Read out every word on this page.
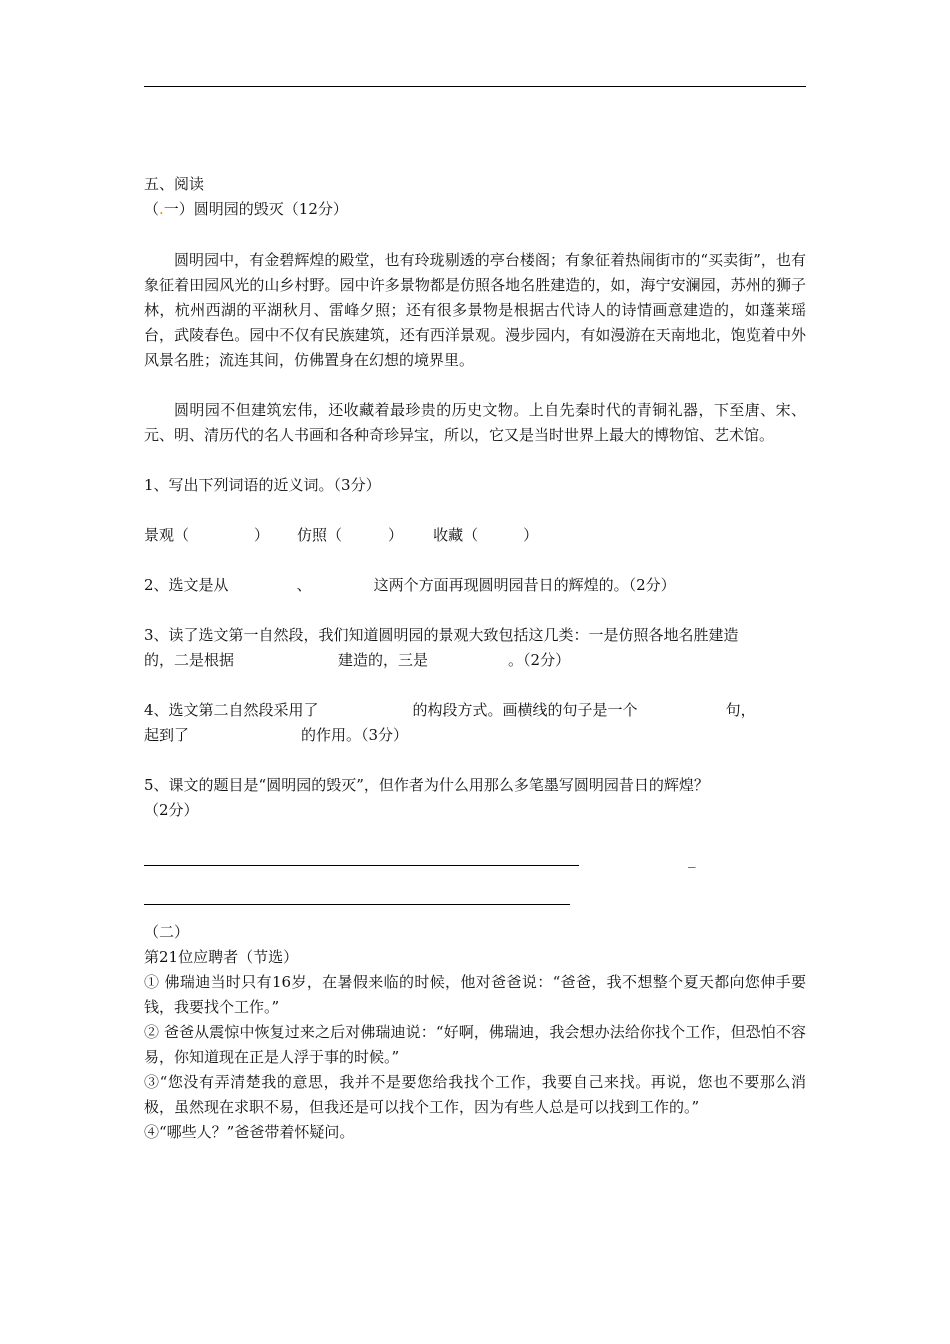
五、阅读
（.一）圆明园的毁灭（12分）

圆明园中，有金碧辉煌的殿堂，也有玲珑剔透的亭台楼阁；有象征着热闹街市的“买卖街”，也有象征着田园风光的山乡村野。园中许多景物都是仿照各地名胜建造的，如，海宁安澜园，苏州的狮子林，杭州西湖的平湖秋月、雷峰夕照；还有很多景物是根据古代诗人的诗情画意建造的，如蓬莱瑶台，武陵春色。园中不仅有民族建筑，还有西洋景观。漫步园内，有如漫游在天南地北，饱览着中外风景名胜；流连其间，仿佛置身在幻想的境界里。

圆明园不但建筑宏伟，还收藏着最珍贵的历史文物。上自先秦时代的青铜礼器，下至唐、宋、元、明、清历代的名人书画和各种奇珍异宝，所以，它又是当时世界上最大的博物馆、艺术馆。

1、写出下列词语的近义词。（3分）
景观（	） 仿照（	） 收藏（	）
2、选文是从	、	这两个方面再现圆明园昔日的辉煌的。（2分）
3、读了选文第一自然段，我们知道圆明园的景观大致包括这几类：一是仿照各地名胜建造
的，二是根据	建造的，三是	。（2分）
4、选文第二自然段采用了	的构段方式。画横线的句子是一个	句，
起到了	的作用。（3分）
5、课文的题目是“圆明园的毁灭”，但作者为什么用那么多笔墨写圆明园昔日的辉煌？
（2分）
_
（二）
第21位应聘者（节选）
① 佛瑞迪当时只有16岁，在暑假来临的时候，他对爸爸说：“爸爸，我不想整个夏天都向您伸手要钱，我要找个工作。”
② 爸爸从震惊中恢复过来之后对佛瑞迪说：“好啊，佛瑞迪，我会想办法给你找个工作，但恐怕不容易，你知道现在正是人浮于事的时候。”
③“您没有弄清楚我的意思，我并不是要您给我找个工作，我要自己来找。再说，您也不要那么消极，虽然现在求职不易，但我还是可以找个工作，因为有些人总是可以找到工作的。”
④“哪些人？”爸爸带着怀疑问。
